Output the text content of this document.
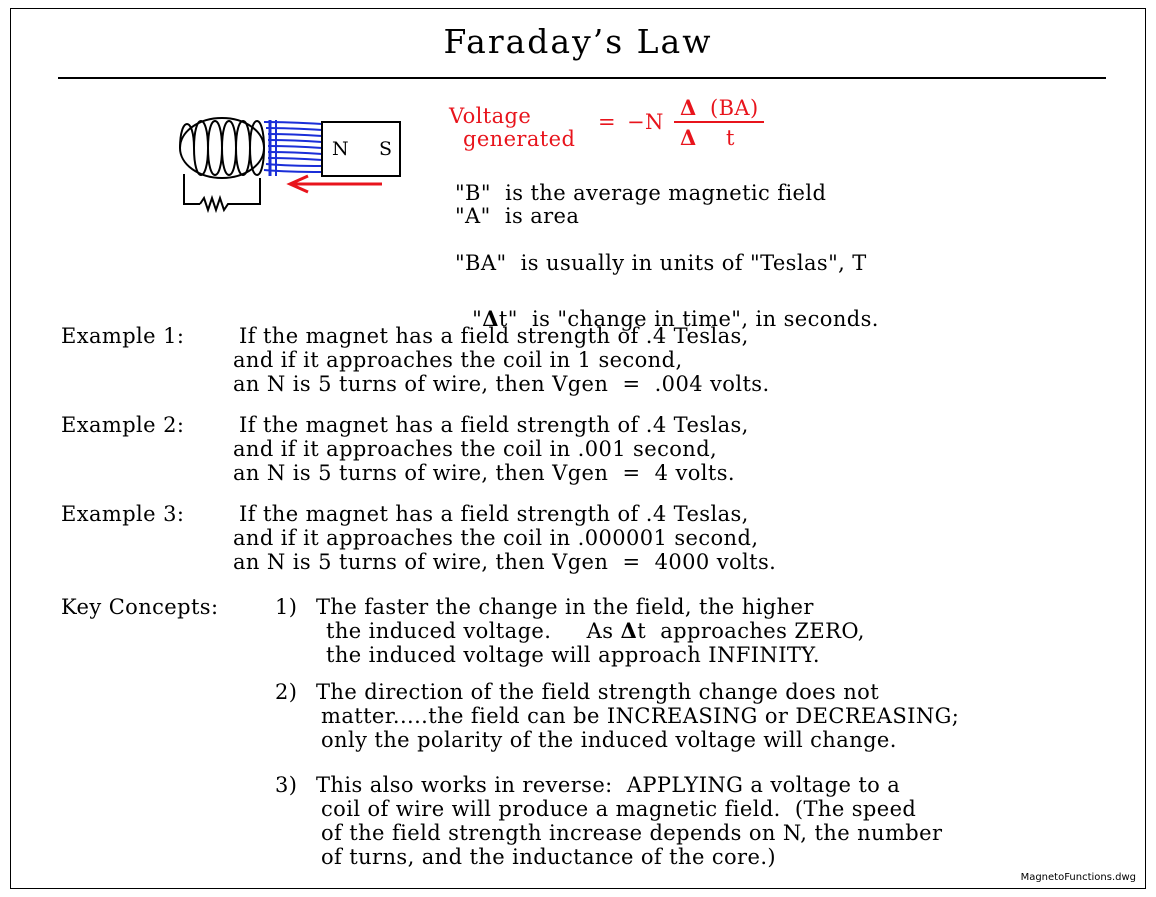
Faraday’s Law
N S
Voltage
generated
= −N
Δ (BA)
Δ t
"B"  is the average magnetic field
"A"  is area
"BA"  is usually in units of "Teslas", T

"Δt"  is "change in time", in seconds.

Example 1:	If the magnet has a field strength of .4 Teslas,
and if it approaches the coil in 1 second,
an N is 5 turns of wire, then Vgen  =  .004 volts.
Example 2:	If the magnet has a field strength of .4 Teslas,
and if it approaches the coil in .001 second,
an N is 5 turns of wire, then Vgen  =  4 volts.
Example 3:	If the magnet has a field strength of .4 Teslas,
and if it approaches the coil in .000001 second,
an N is 5 turns of wire, then Vgen  =  4000 volts.
Key Concepts:	1) The faster the change in the field, the higher
the induced voltage.     As Δt  approaches ZERO,
the induced voltage will approach INFINITY.
2) The direction of the field strength change does not
matter.....the field can be INCREASING or DECREASING;
only the polarity of the induced voltage will change.
3) This also works in reverse:  APPLYING a voltage to a
coil of wire will produce a magnetic field.  (The speed
of the field strength increase depends on N, the number
of turns, and the inductance of the core.)
MagnetoFunctions.dwg
